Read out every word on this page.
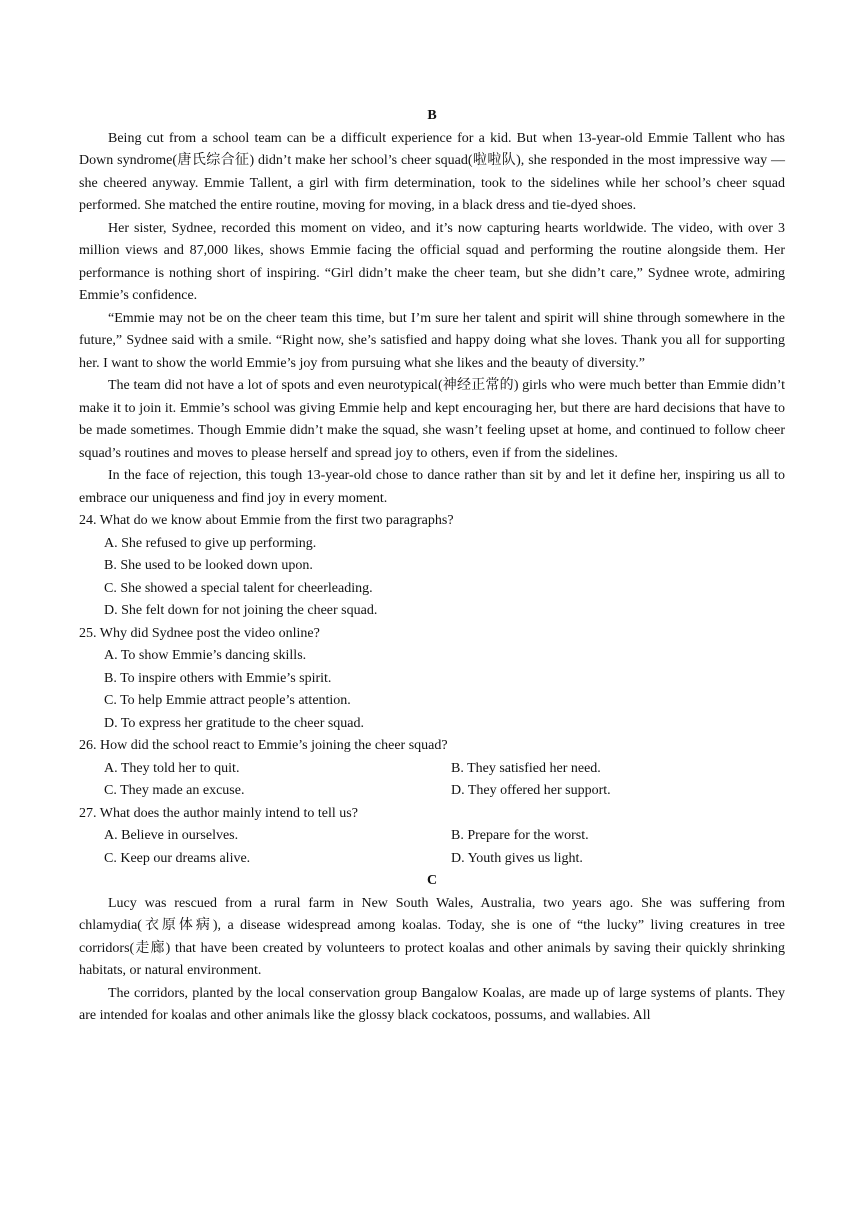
B

Being cut from a school team can be a difficult experience for a kid. But when 13-year-old Emmie Tallent who has Down syndrome(唐氏综合征) didn’t make her school’s cheer squad(啦啦队), she responded in the most impressive way — she cheered anyway. Emmie Tallent, a girl with firm determination, took to the sidelines while her school’s cheer squad performed. She matched the entire routine, moving for moving, in a black dress and tie-dyed shoes.

Her sister, Sydnee, recorded this moment on video, and it’s now capturing hearts worldwide. The video, with over 3 million views and 87,000 likes, shows Emmie facing the official squad and performing the routine alongside them. Her performance is nothing short of inspiring. “Girl didn’t make the cheer team, but she didn’t care,” Sydnee wrote, admiring Emmie’s confidence.

“Emmie may not be on the cheer team this time, but I’m sure her talent and spirit will shine through somewhere in the future,” Sydnee said with a smile. “Right now, she’s satisfied and happy doing what she loves. Thank you all for supporting her. I want to show the world Emmie’s joy from pursuing what she likes and the beauty of diversity.”

The team did not have a lot of spots and even neurotypical(神经正常的) girls who were much better than Emmie didn’t make it to join it. Emmie’s school was giving Emmie help and kept encouraging her, but there are hard decisions that have to be made sometimes. Though Emmie didn’t make the squad, she wasn’t feeling upset at home, and continued to follow cheer squad’s routines and moves to please herself and spread joy to others, even if from the sidelines.

In the face of rejection, this tough 13-year-old chose to dance rather than sit by and let it define her, inspiring us all to embrace our uniqueness and find joy in every moment.

24. What do we know about Emmie from the first two paragraphs?

A. She refused to give up performing.
B. She used to be looked down upon.
C. She showed a special talent for cheerleading.
D. She felt down for not joining the cheer squad.

25. Why did Sydnee post the video online?

A. To show Emmie’s dancing skills.
B. To inspire others with Emmie’s spirit.
C. To help Emmie attract people’s attention.
D. To express her gratitude to the cheer squad.

26. How did the school react to Emmie’s joining the cheer squad?

A. They told her to quit.	B. They satisfied her need.
C. They made an excuse.	D. They offered her support.

27. What does the author mainly intend to tell us?

A. Believe in ourselves.	B. Prepare for the worst.
C. Keep our dreams alive.	D. Youth gives us light.
C

Lucy was rescued from a rural farm in New South Wales, Australia, two years ago. She was suffering from chlamydia(衣原体病), a disease widespread among koalas. Today, she is one of “the lucky” living creatures in tree corridors(走廊) that have been created by volunteers to protect koalas and other animals by saving their quickly shrinking habitats, or natural environment.

The corridors, planted by the local conservation group Bangalow Koalas, are made up of large systems of plants. They are intended for koalas and other animals like the glossy black cockatoos, possums, and wallabies. All
